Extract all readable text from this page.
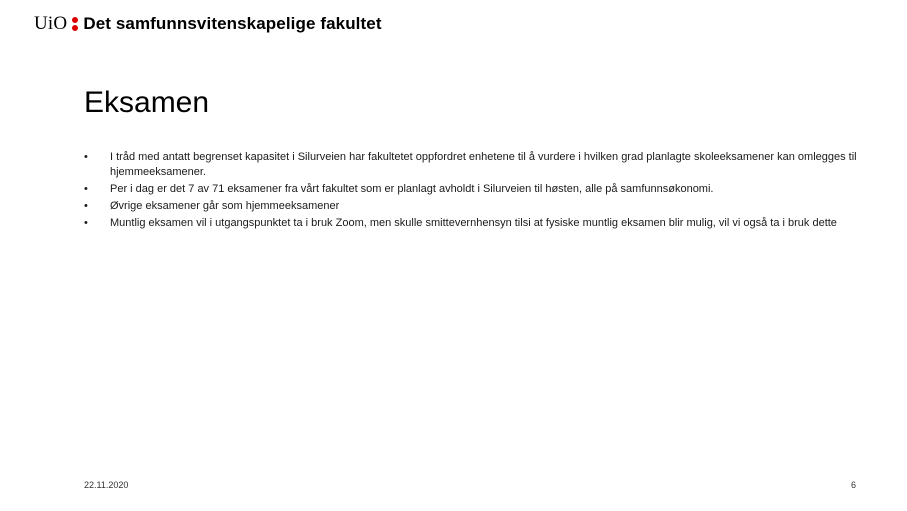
UiO Det samfunnsvitenskapelige fakultet
Eksamen
•	I tråd med antatt begrenset kapasitet i Silurveien har fakultetet oppfordret enhetene til å vurdere i hvilken grad planlagte skoleeksamener kan omlegges til hjemmeeksamener.
•	Per i dag er det 7 av 71 eksamener fra vårt fakultet som er planlagt avholdt i Silurveien til høsten, alle på samfunnsøkonomi.
•	Øvrige eksamener går som hjemmeeksamener
•	Muntlig eksamen vil i utgangspunktet ta i bruk Zoom, men skulle smittevernhensyn tilsi at fysiske muntlig eksamen blir mulig, vil vi også ta i bruk dette
22.11.2020	6
